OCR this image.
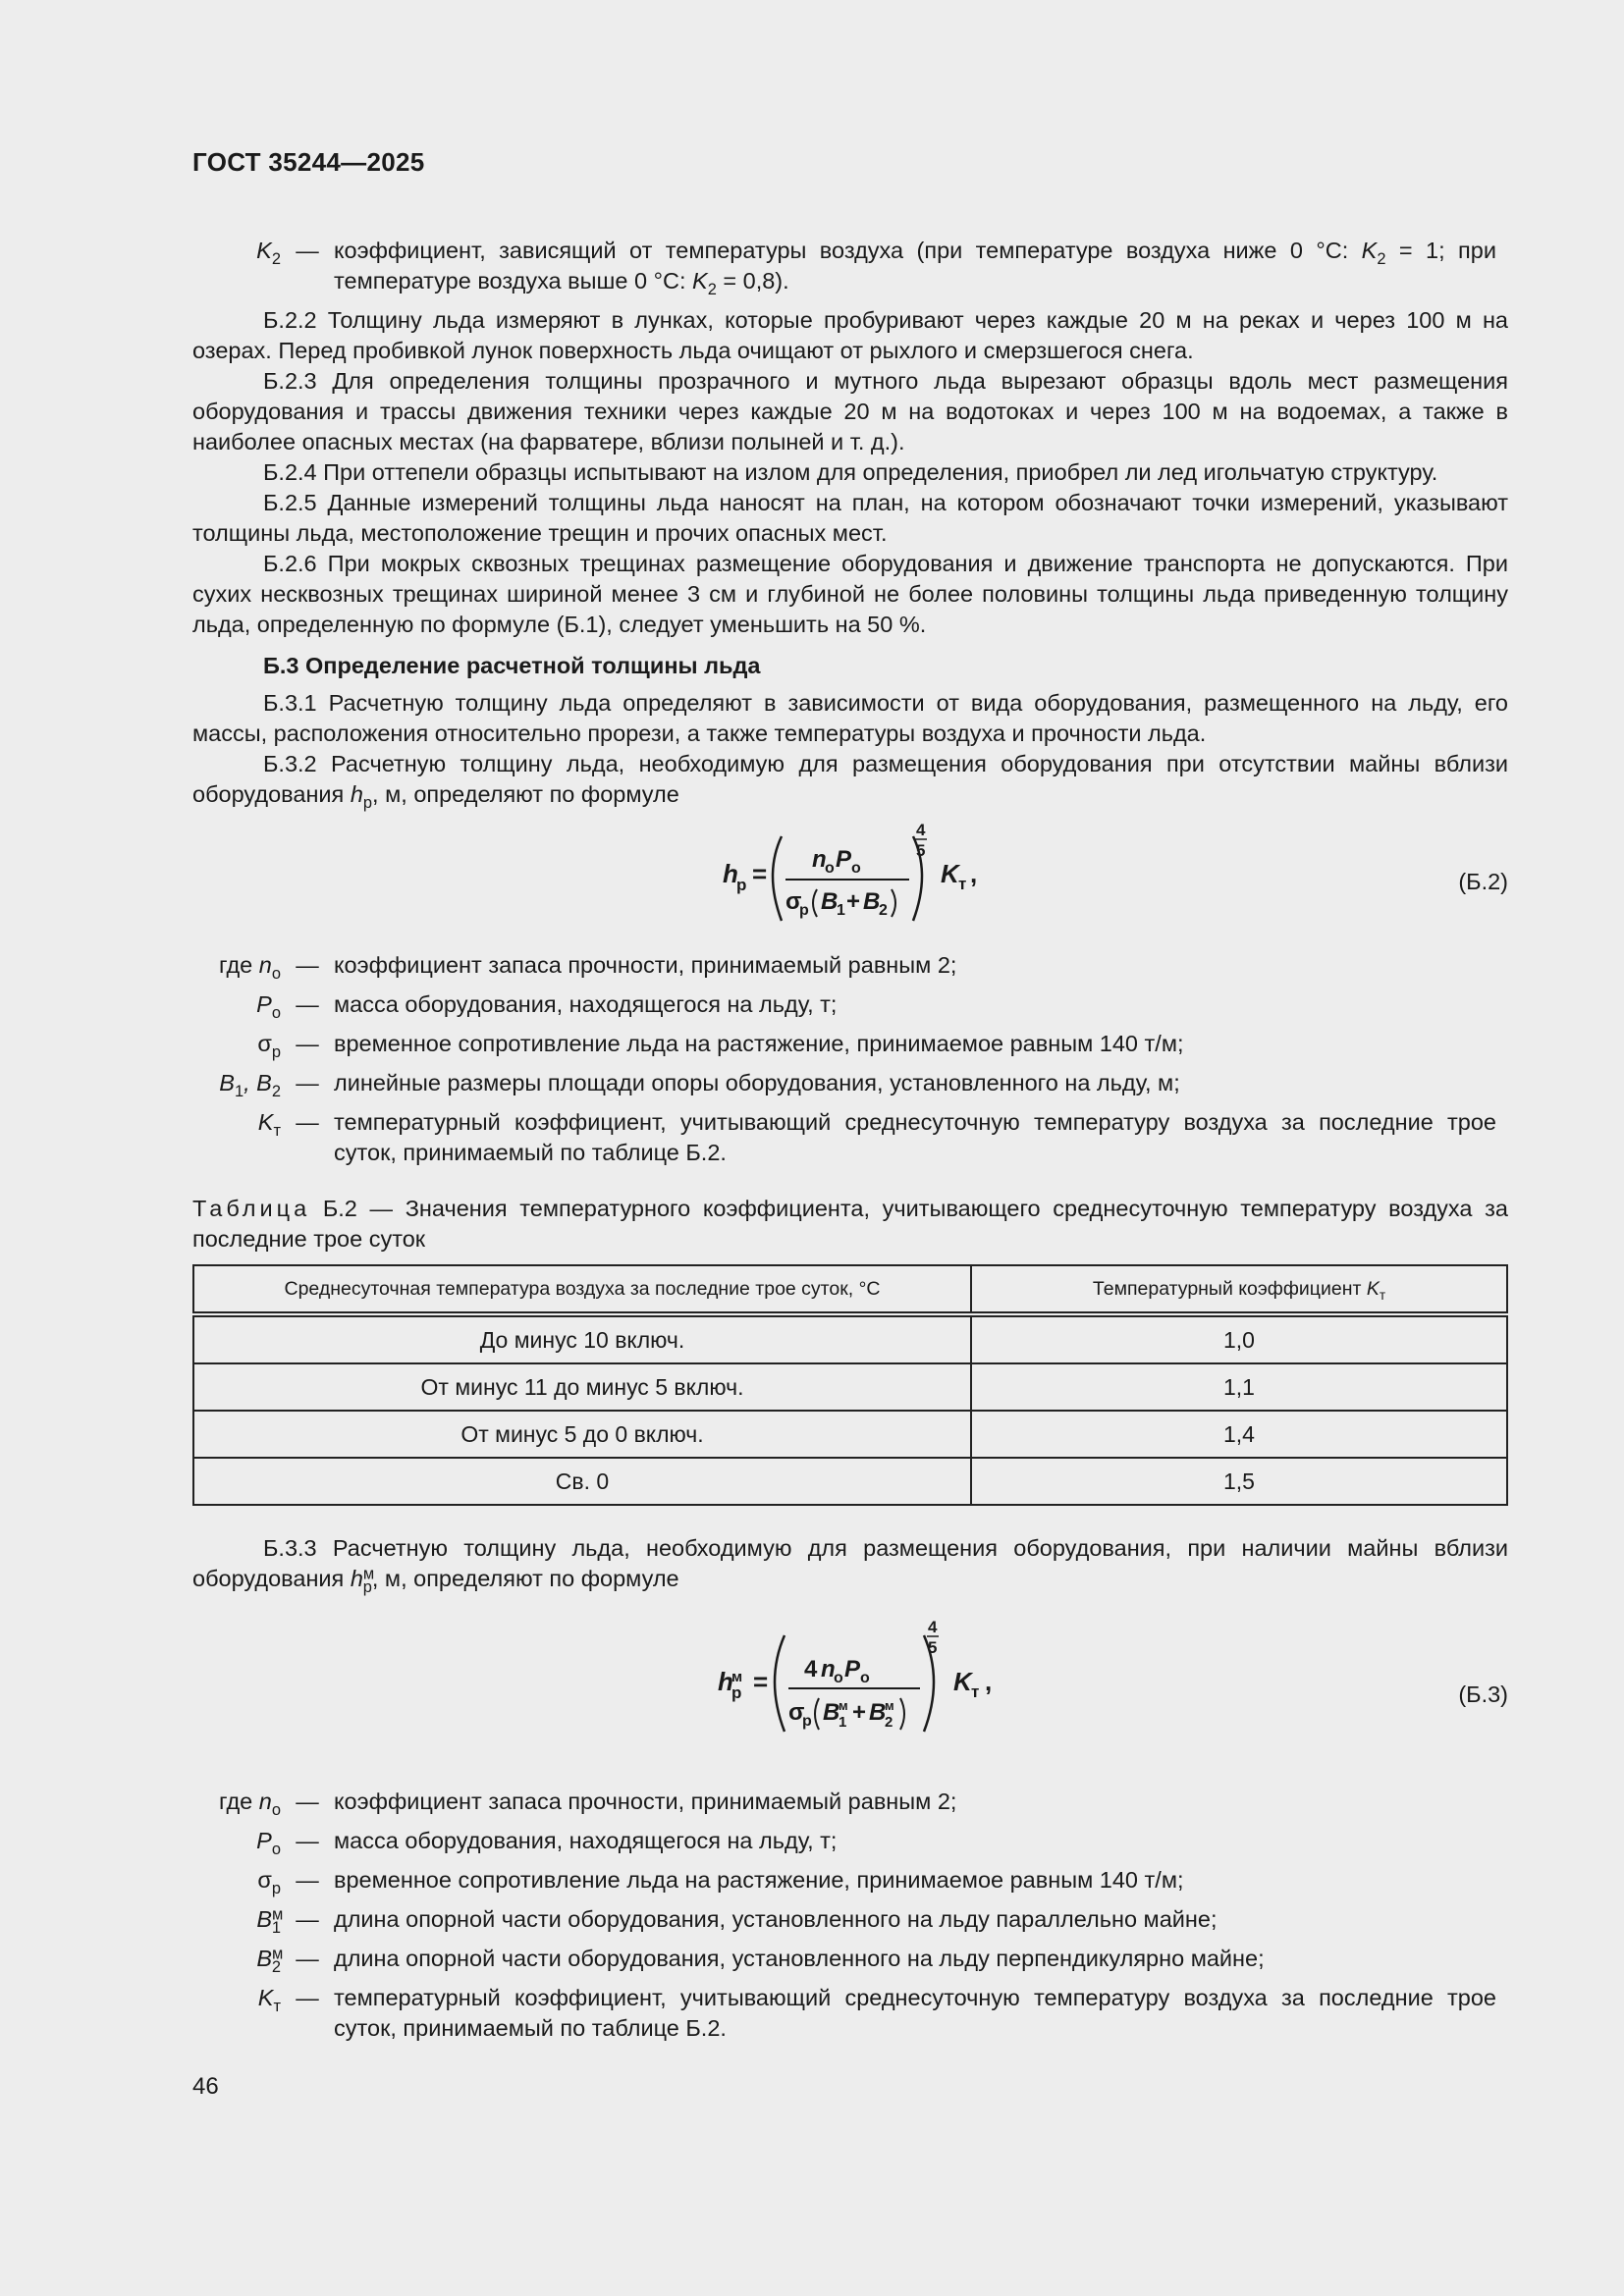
ГОСТ 35244—2025
$K_2$ — коэффициент, зависящий от температуры воздуха (при температуре воздуха ниже 0 °C: $K_2 = 1$; при температуре воздуха выше 0 °C: $K_2 = 0,8$).
Б.2.2 Толщину льда измеряют в лунках, которые пробуривают через каждые 20 м на реках и через 100 м на озерах. Перед пробивкой лунок поверхность льда очищают от рыхлого и смерзшегося снега.
Б.2.3 Для определения толщины прозрачного и мутного льда вырезают образцы вдоль мест размещения оборудования и трассы движения техники через каждые 20 м на водотоках и через 100 м на водоемах, а также в наиболее опасных местах (на фарватере, вблизи полыней и т. д.).
Б.2.4 При оттепели образцы испытывают на излом для определения, приобрел ли лед игольчатую структуру.
Б.2.5 Данные измерений толщины льда наносят на план, на котором обозначают точки измерений, указывают толщины льда, местоположение трещин и прочих опасных мест.
Б.2.6 При мокрых сквозных трещинах размещение оборудования и движение транспорта не допускаются. При сухих несквозных трещинах шириной менее 3 см и глубиной не более половины толщины льда приведенную толщину льда, определенную по формуле (Б.1), следует уменьшить на 50 %.
Б.3 Определение расчетной толщины льда
Б.3.1 Расчетную толщину льда определяют в зависимости от вида оборудования, размещенного на льду, его массы, расположения относительно прорези, а также температуры воздуха и прочности льда.
Б.3.2 Расчетную толщину льда, необходимую для размещения оборудования при отсутствии майны вблизи оборудования $h_р$, м, определяют по формуле
h
p = n
o P o
σ
p B
1 + B
2
4
5
K т ,	(Б.2)
где $n_о$ — коэффициент запаса прочности, принимаемый равным 2;
$P_о$ — масса оборудования, находящегося на льду, т;
$\sigma_р$ — временное сопротивление льда на растяжение, принимаемое равным 140 т/м;
$B_1$, $B_2$ — линейные размеры площади опоры оборудования, установленного на льду, м;
$K_т$ — температурный коэффициент, учитывающий среднесуточную температуру воздуха за последние трое суток, принимаемый по таблице Б.2.
Таблица Б.2 — Значения температурного коэффициента, учитывающего среднесуточную температуру воздуха за последние трое суток
Среднесуточная температура воздуха за последние трое суток, °С	Температурный коэффициент $K_т$
До минус 10 включ.	1,0
От минус 11 до минус 5 включ.	1,1
От минус 5 до 0 включ.	1,4
Св. 0	1,5
Б.3.3 Расчетную толщину льда, необходимую для размещения оборудования, при наличии майны вблизи оборудования $h^м_р$, м, определяют по формуле
h
м
p = 4 n
o P o
σ
p B
м
1 + B
м
2
4
5
K т ,	(Б.3)
где $n_о$ — коэффициент запаса прочности, принимаемый равным 2;
$P_о$ — масса оборудования, находящегося на льду, т;
$\sigma_р$ — временное сопротивление льда на растяжение, принимаемое равным 140 т/м;
$B^м_1$ — длина опорной части оборудования, установленного на льду параллельно майне;
$B^м_2$ — длина опорной части оборудования, установленного на льду перпендикулярно майне;
$K_т$ — температурный коэффициент, учитывающий среднесуточную температуру воздуха за последние трое суток, принимаемый по таблице Б.2.
46
